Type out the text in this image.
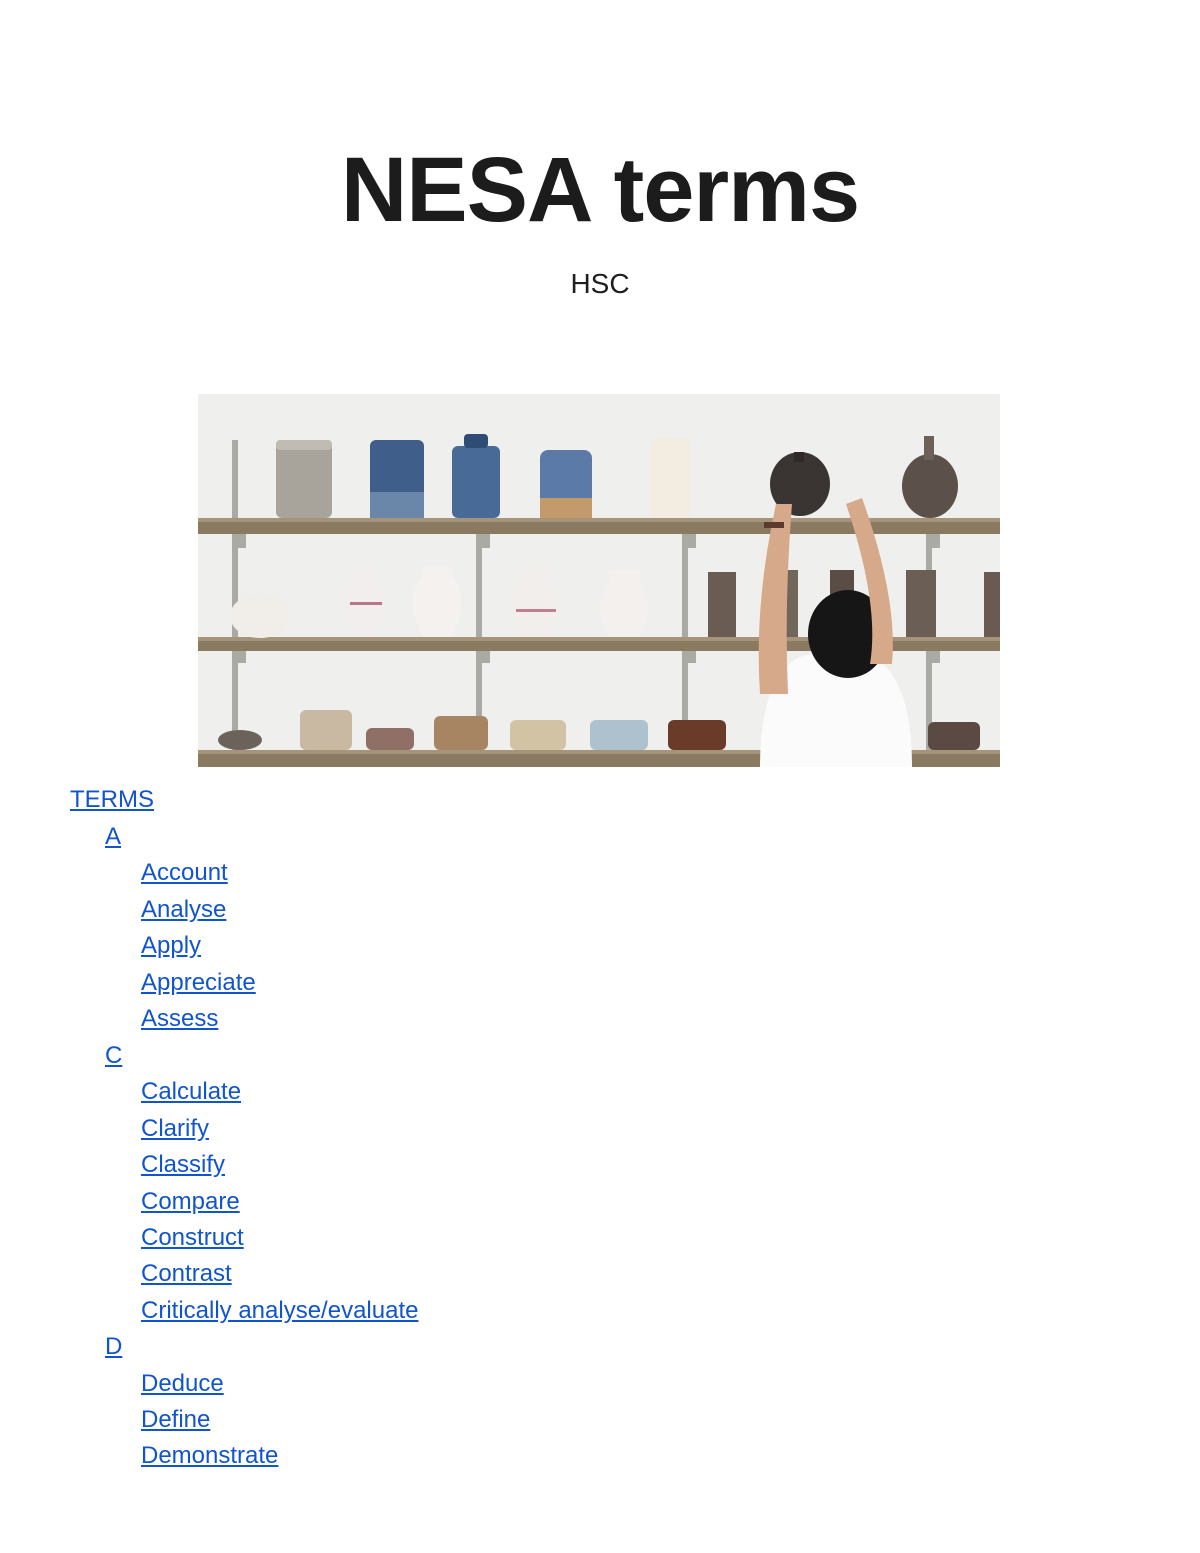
NESA terms
HSC
TERMS
A
Account
Analyse
Apply
Appreciate
Assess
C
Calculate
Clarify
Classify
Compare
Construct
Contrast
Critically analyse/evaluate
D
Deduce
Define
Demonstrate
